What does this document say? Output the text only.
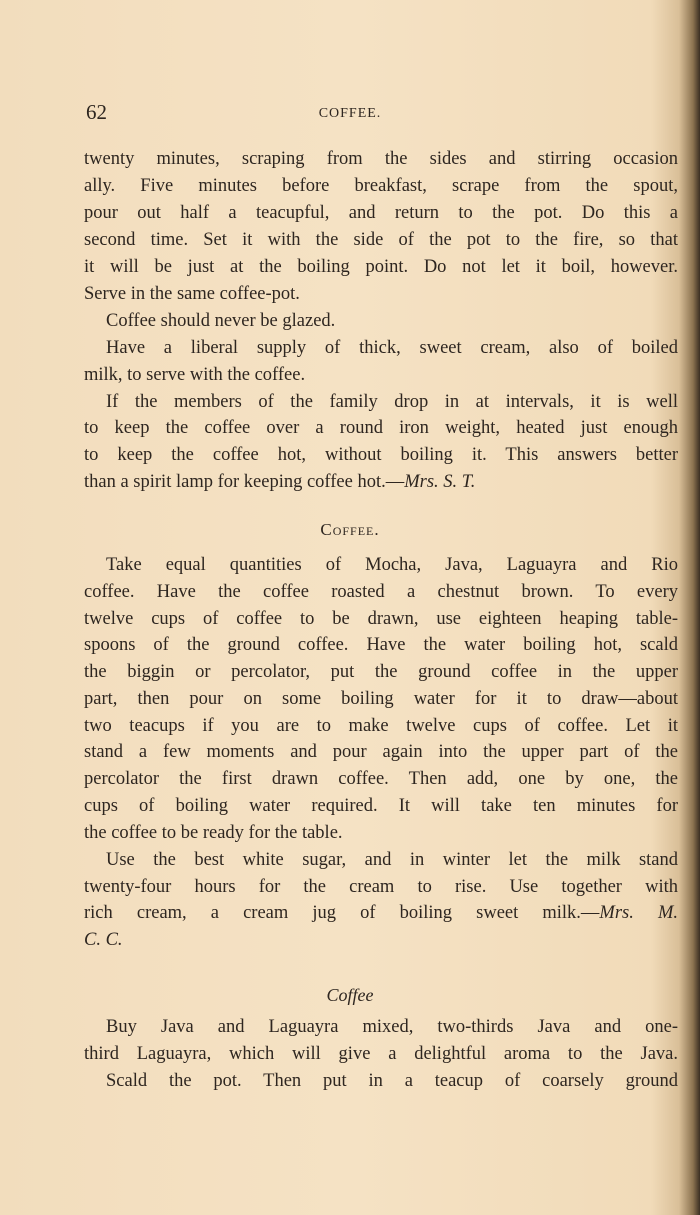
62	COFFEE.
twenty minutes, scraping from the sides and stirring occasion
ally. Five minutes before breakfast, scrape from the spout,
pour out half a teacupful, and return to the pot. Do this a
second time. Set it with the side of the pot to the fire, so that
it will be just at the boiling point. Do not let it boil, however.
Serve in the same coffee-pot.
Coffee should never be glazed.
Have a liberal supply of thick, sweet cream, also of boiled
milk, to serve with the coffee.
If the members of the family drop in at intervals, it is well
to keep the coffee over a round iron weight, heated just enough
to keep the coffee hot, without boiling it. This answers better
than a spirit lamp for keeping coffee hot.—Mrs. S. T.
Coffee.
Take equal quantities of Mocha, Java, Laguayra and Rio
coffee. Have the coffee roasted a chestnut brown. To every
twelve cups of coffee to be drawn, use eighteen heaping table-
spoons of the ground coffee. Have the water boiling hot, scald
the biggin or percolator, put the ground coffee in the upper
part, then pour on some boiling water for it to draw—about
two teacups if you are to make twelve cups of coffee. Let it
stand a few moments and pour again into the upper part of the
percolator the first drawn coffee. Then add, one by one, the
cups of boiling water required. It will take ten minutes for
the coffee to be ready for the table.
Use the best white sugar, and in winter let the milk stand
twenty-four hours for the cream to rise. Use together with
rich cream, a cream jug of boiling sweet milk.—Mrs. M.
C. C.
Coffee
Buy Java and Laguayra mixed, two-thirds Java and one-
third Laguayra, which will give a delightful aroma to the Java.
Scald the pot. Then put in a teacup of coarsely ground
